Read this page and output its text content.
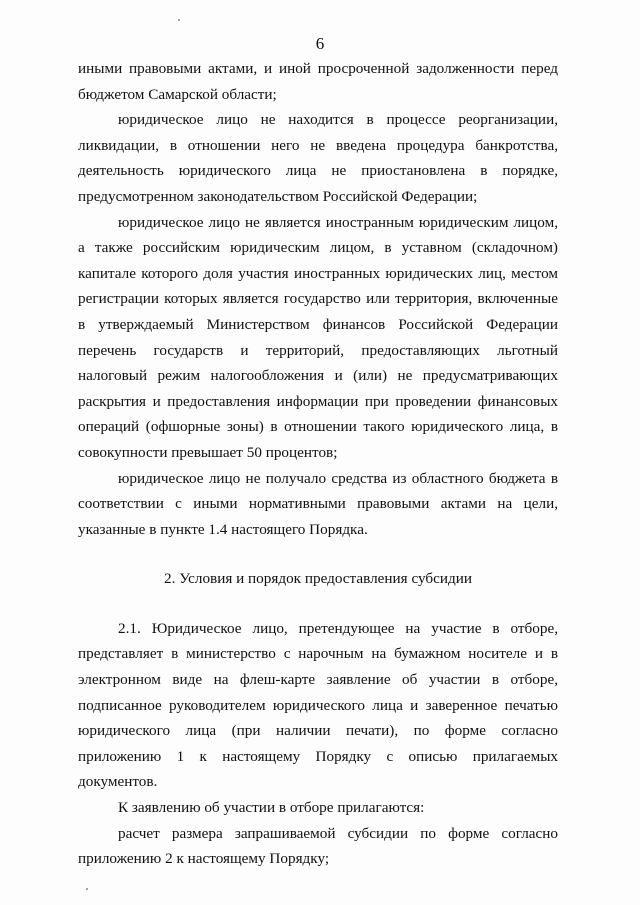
6

иными правовыми актами, и иной просроченной задолженности перед бюджетом Самарской области;

юридическое лицо не находится в процессе реорганизации, ликвидации, в отношении него не введена процедура банкротства, деятельность юридического лица не приостановлена в порядке, предусмотренном законодательством Российской Федерации;

юридическое лицо не является иностранным юридическим лицом, а также российским юридическим лицом, в уставном (складочном) капитале которого доля участия иностранных юридических лиц, местом регистрации которых является государство или территория, включенные в утверждаемый Министерством финансов Российской Федерации перечень государств и территорий, предоставляющих льготный налоговый режим налогообложения и (или) не предусматривающих раскрытия и предоставления информации при проведении финансовых операций (офшорные зоны) в отношении такого юридического лица, в совокупности превышает 50 процентов;

юридическое лицо не получало средства из областного бюджета в соответствии с иными нормативными правовыми актами на цели, указанные в пункте 1.4 настоящего Порядка.

2. Условия и порядок предоставления субсидии

2.1. Юридическое лицо, претендующее на участие в отборе, представляет в министерство с нарочным на бумажном носителе и в электронном виде на флеш-карте заявление об участии в отборе, подписанное руководителем юридического лица и заверенное печатью юридического лица (при наличии печати), по форме согласно приложению 1 к настоящему Порядку с описью прилагаемых документов.

К заявлению об участии в отборе прилагаются:

расчет размера запрашиваемой субсидии по форме согласно приложению 2 к настоящему Порядку;
